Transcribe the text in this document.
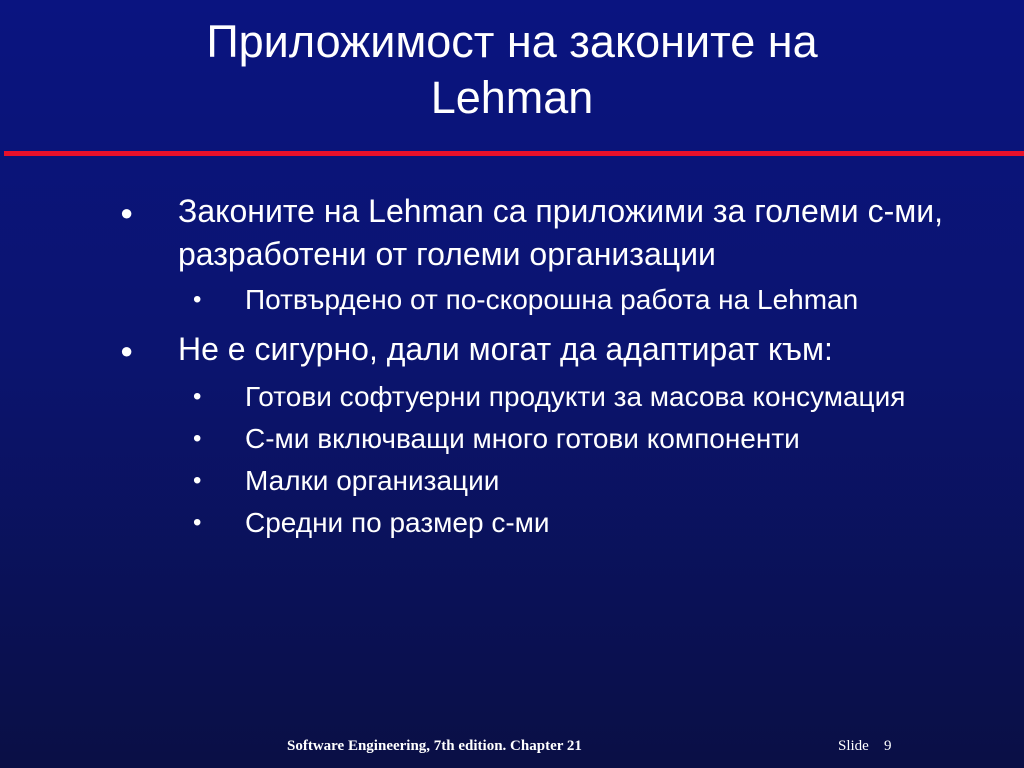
Приложимост на законите на
Lehman
● Законите на Lehman са приложими за големи с-ми, разработени от големи организации
• Потвърдено от по-скорошна работа на Lehman
● Не е сигурно, дали могат да адаптират към:
• Готови софтуерни продукти за масова консумация
• С-ми включващи много готови компоненти
• Малки организации
• Средни по размер с-ми
Software Engineering, 7th edition. Chapter 21	Slide 9
